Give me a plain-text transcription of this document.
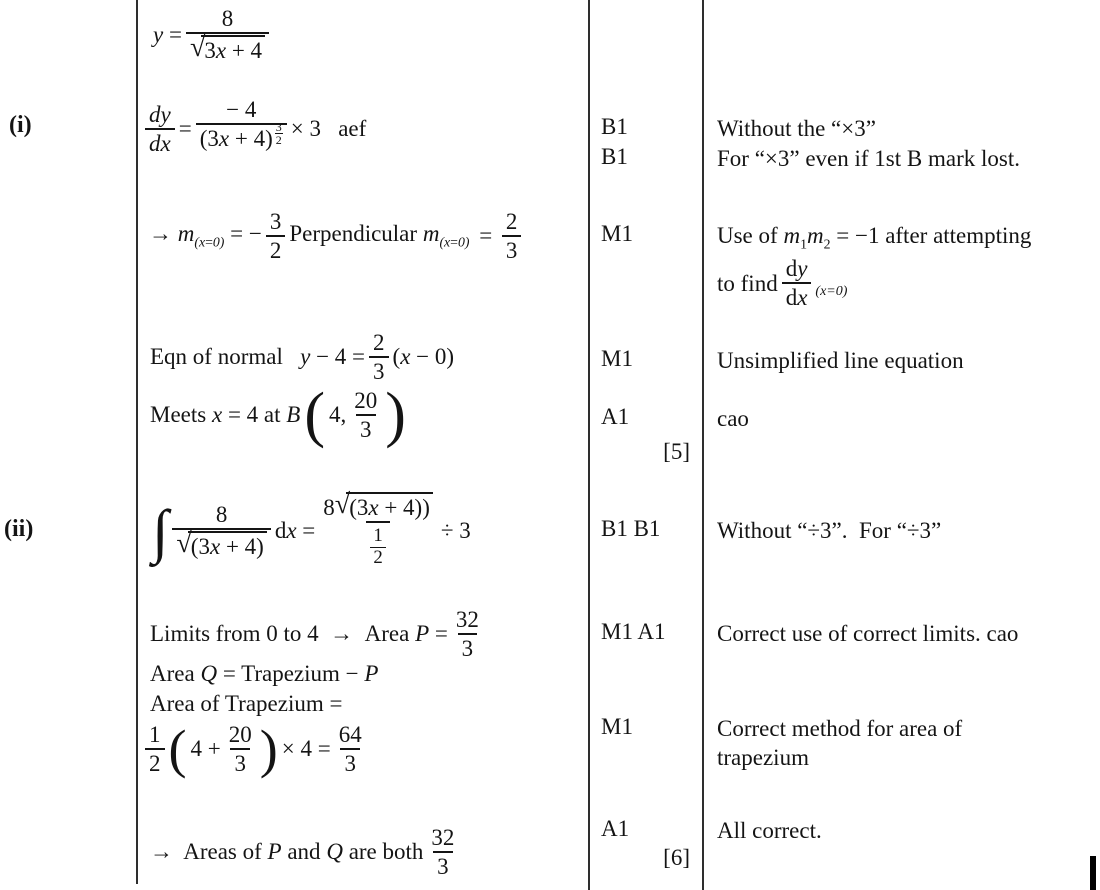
(i)
(ii)
$y = \frac{8}{√ 3x + 4}$
$\frac{dy}{dx}$ = − 4
(3x + 4) 3
2 × 3   aef
→ $m_{(x=0)}$ = − $\frac{3}{2}$ Perpendicular $m_{(x=0)} = \frac{2}{3}$
Eqn of normal   $y - 4 = \frac{2}{3} (x - 0)$
Meets x = 4 at B ( 4, $\frac{20}{3}$ )
∫ $\frac{8}{√ (3x + 4)}$ dx = 8 √ (3x + 4))
1
2 ÷ 3
Limits from 0 to 4  →  Area $P = \frac{32}{3}$
Area Q = Trapezium − P
Area of Trapezium =
$\frac{1}{2}$ ( $4 + \frac{20}{3}$ ) × $4 = \frac{64}{3}$
→  Areas of P and Q are both $\frac{32}{3}$
B1
B1
M1
M1
A1
[5]
B1 B1
M1 A1
M1
A1
[6]
Without the “×3”
For “×3” even if 1st B mark lost.
Use of $m_1m_2 = -1$ after attempting
to find $\frac{\text{d y}}{\text{d x}} (x=0)$
Unsimplified line equation
cao
Without “÷3”.  For “÷3”
Correct use of correct limits. cao
Correct method for area of trapezium
All correct.
